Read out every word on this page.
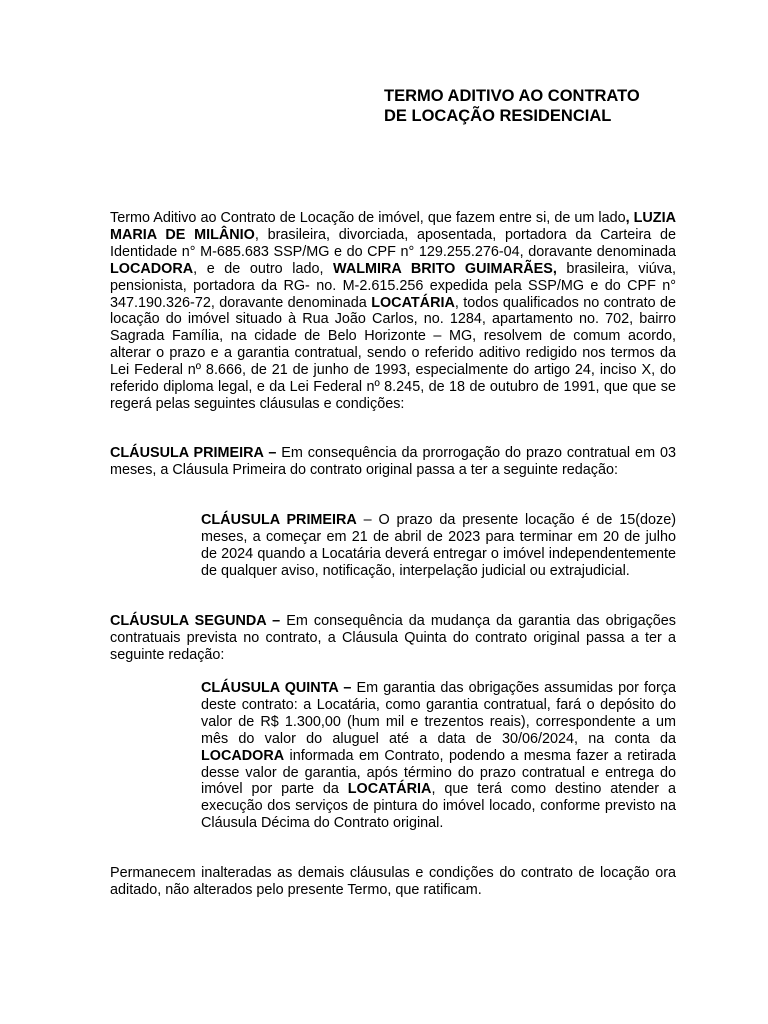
TERMO ADITIVO AO CONTRATO
DE LOCAÇÃO RESIDENCIAL
Termo Aditivo ao Contrato de Locação de imóvel, que fazem entre si, de um lado, LUZIA MARIA DE MILÂNIO, brasileira, divorciada, aposentada, portadora da Carteira de Identidade n° M-685.683 SSP/MG e do CPF n° 129.255.276-04, doravante denominada LOCADORA, e de outro lado, WALMIRA BRITO GUIMARÃES, brasileira, viúva, pensionista, portadora da RG- no. M-2.615.256 expedida pela SSP/MG e do CPF n° 347.190.326-72, doravante denominada LOCATÁRIA, todos qualificados no contrato de locação do imóvel situado à Rua João Carlos, no. 1284, apartamento no. 702, bairro Sagrada Família, na cidade de Belo Horizonte – MG, resolvem de comum acordo, alterar o prazo e a garantia contratual, sendo o referido aditivo redigido nos termos da Lei Federal nº 8.666, de 21 de junho de 1993, especialmente do artigo 24, inciso X, do referido diploma legal, e da Lei Federal nº 8.245, de 18 de outubro de 1991, que que se regerá pelas seguintes cláusulas e condições:
CLÁUSULA PRIMEIRA – Em consequência da prorrogação do prazo contratual em 03 meses, a Cláusula Primeira do contrato original passa a ter a seguinte redação:
CLÁUSULA PRIMEIRA – O prazo da presente locação é de 15(doze) meses, a começar em 21 de abril de 2023 para terminar em 20 de julho de 2024 quando a Locatária deverá entregar o imóvel independentemente de qualquer aviso, notificação, interpelação judicial ou extrajudicial.
CLÁUSULA SEGUNDA – Em consequência da mudança da garantia das obrigações contratuais prevista no contrato, a Cláusula Quinta do contrato original passa a ter a seguinte redação:
CLÁUSULA QUINTA – Em garantia das obrigações assumidas por força deste contrato: a Locatária, como garantia contratual, fará o depósito do valor de R$ 1.300,00 (hum mil e trezentos reais), correspondente a um mês do valor do aluguel até a data de 30/06/2024, na conta da LOCADORA informada em Contrato, podendo a mesma fazer a retirada desse valor de garantia, após término do prazo contratual e entrega do imóvel por parte da LOCATÁRIA, que terá como destino atender a execução dos serviços de pintura do imóvel locado, conforme previsto na Cláusula Décima do Contrato original.
Permanecem inalteradas as demais cláusulas e condições do contrato de locação ora aditado, não alterados pelo presente Termo, que ratificam.
